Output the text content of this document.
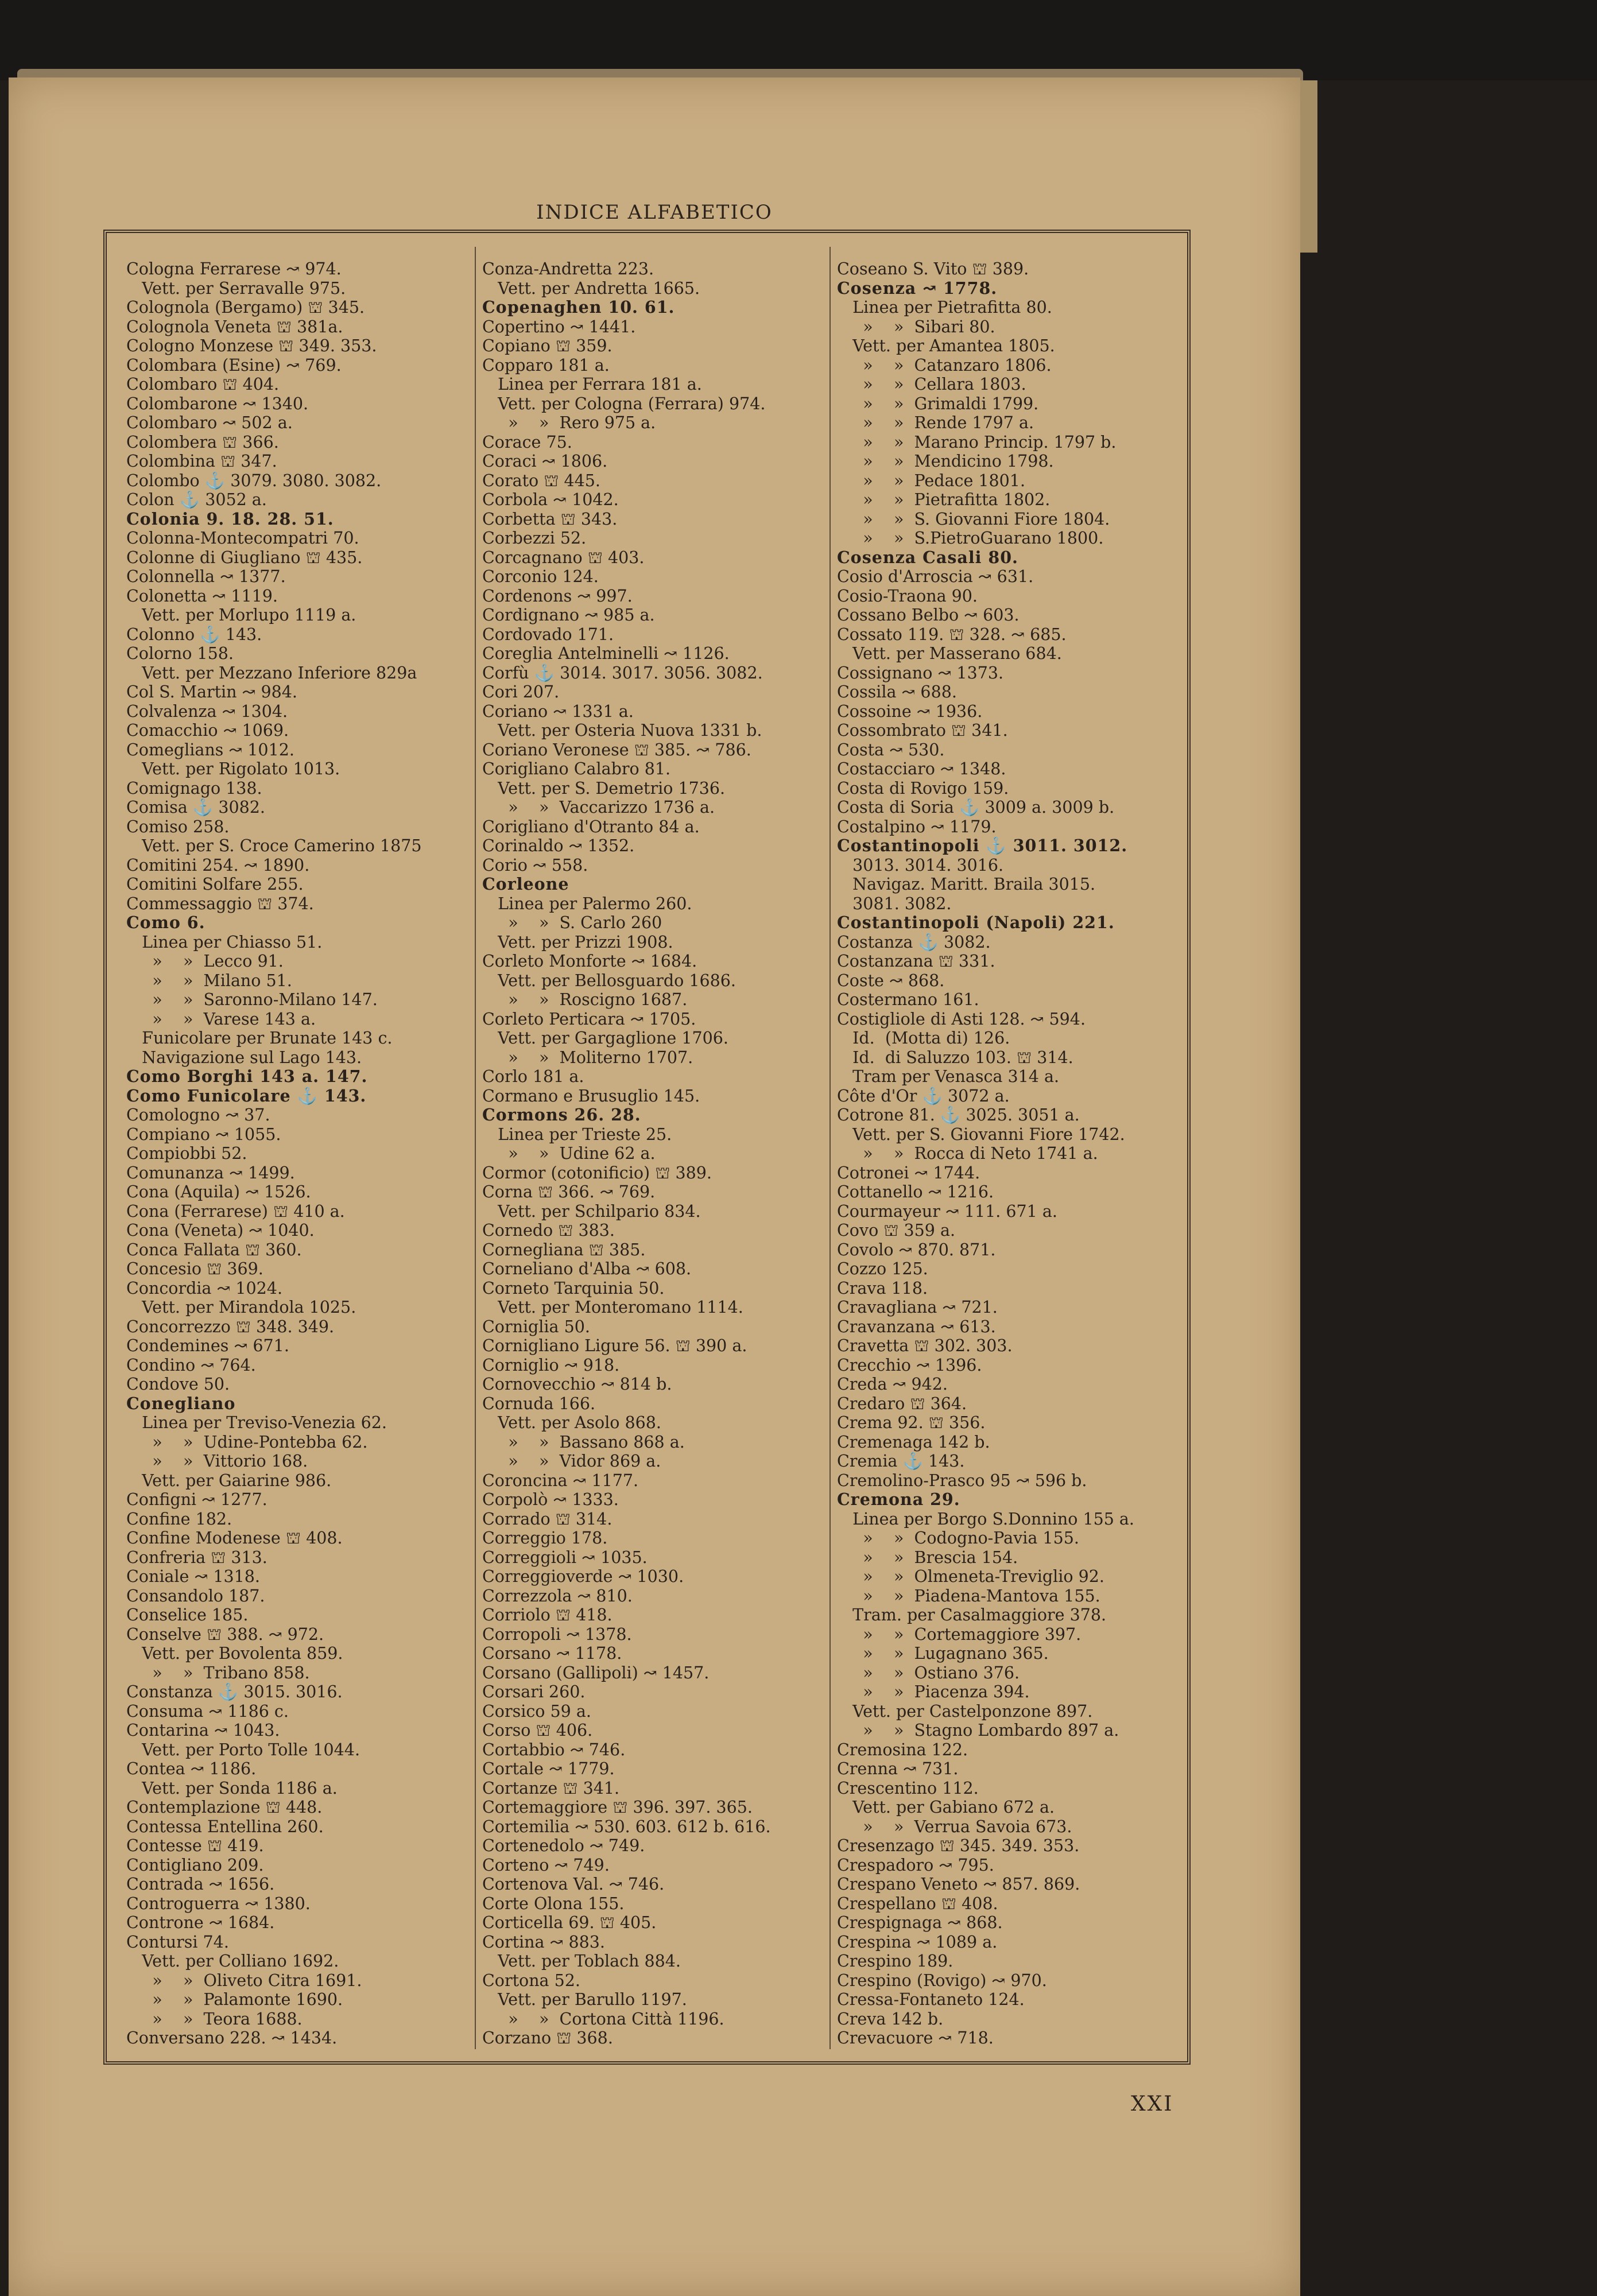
INDICE ALFABETICO
Cologna Ferrarese ↝ 974.
Vett. per Serravalle 975.
Colognola (Bergamo) ⛫ 345.
Colognola Veneta ⛫ 381a.
Cologno Monzese ⛫ 349. 353.
Colombara (Esine) ↝ 769.
Colombaro ⛫ 404.
Colombarone ↝ 1340.
Colombaro ↝ 502 a.
Colombera ⛫ 366.
Colombina ⛫ 347.
Colombo ⚓ 3079. 3080. 3082.
Colon ⚓ 3052 a.
Colonia 9. 18. 28. 51.
Colonna-Montecompatri 70.
Colonne di Giugliano ⛫ 435.
Colonnella ↝ 1377.
Colonetta ↝ 1119.
Vett. per Morlupo 1119 a.
Colonno ⚓ 143.
Colorno 158.
Vett. per Mezzano Inferiore 829a
Col S. Martin ↝ 984.
Colvalenza ↝ 1304.
Comacchio ↝ 1069.
Comeglians ↝ 1012.
Vett. per Rigolato 1013.
Comignago 138.
Comisa ⚓ 3082.
Comiso 258.
Vett. per S. Croce Camerino 1875
Comitini 254. ↝ 1890.
Comitini Solfare 255.
Commessaggio ⛫ 374.
Como 6.
Linea per Chiasso 51.
»    »  Lecco 91.
»    »  Milano 51.
»    »  Saronno-Milano 147.
»    »  Varese 143 a.
Funicolare per Brunate 143 c.
Navigazione sul Lago 143.
Como Borghi 143 a. 147.
Como Funicolare ⚓ 143.
Comologno ↝ 37.
Compiano ↝ 1055.
Compiobbi 52.
Comunanza ↝ 1499.
Cona (Aquila) ↝ 1526.
Cona (Ferrarese) ⛫ 410 a.
Cona (Veneta) ↝ 1040.
Conca Fallata ⛫ 360.
Concesio ⛫ 369.
Concordia ↝ 1024.
Vett. per Mirandola 1025.
Concorrezzo ⛫ 348. 349.
Condemines ↝ 671.
Condino ↝ 764.
Condove 50.
Conegliano
Linea per Treviso-Venezia 62.
»    »  Udine-Pontebba 62.
»    »  Vittorio 168.
Vett. per Gaiarine 986.
Configni ↝ 1277.
Confine 182.
Confine Modenese ⛫ 408.
Confreria ⛫ 313.
Coniale ↝ 1318.
Consandolo 187.
Conselice 185.
Conselve ⛫ 388. ↝ 972.
Vett. per Bovolenta 859.
»    »  Tribano 858.
Constanza ⚓ 3015. 3016.
Consuma ↝ 1186 c.
Contarina ↝ 1043.
Vett. per Porto Tolle 1044.
Contea ↝ 1186.
Vett. per Sonda 1186 a.
Contemplazione ⛫ 448.
Contessa Entellina 260.
Contesse ⛫ 419.
Contigliano 209.
Contrada ↝ 1656.
Controguerra ↝ 1380.
Controne ↝ 1684.
Contursi 74.
Vett. per Colliano 1692.
»    »  Oliveto Citra 1691.
»    »  Palamonte 1690.
»    »  Teora 1688.
Conversano 228. ↝ 1434.
Conza-Andretta 223.
Vett. per Andretta 1665.
Copenaghen 10. 61.
Copertino ↝ 1441.
Copiano ⛫ 359.
Copparo 181 a.
Linea per Ferrara 181 a.
Vett. per Cologna (Ferrara) 974.
»    »  Rero 975 a.
Corace 75.
Coraci ↝ 1806.
Corato ⛫ 445.
Corbola ↝ 1042.
Corbetta ⛫ 343.
Corbezzi 52.
Corcagnano ⛫ 403.
Corconio 124.
Cordenons ↝ 997.
Cordignano ↝ 985 a.
Cordovado 171.
Coreglia Antelminelli ↝ 1126.
Corfù ⚓ 3014. 3017. 3056. 3082.
Cori 207.
Coriano ↝ 1331 a.
Vett. per Osteria Nuova 1331 b.
Coriano Veronese ⛫ 385. ↝ 786.
Corigliano Calabro 81.
Vett. per S. Demetrio 1736.
»    »  Vaccarizzo 1736 a.
Corigliano d'Otranto 84 a.
Corinaldo ↝ 1352.
Corio ↝ 558.
Corleone
Linea per Palermo 260.
»    »  S. Carlo 260
Vett. per Prizzi 1908.
Corleto Monforte ↝ 1684.
Vett. per Bellosguardo 1686.
»    »  Roscigno 1687.
Corleto Perticara ↝ 1705.
Vett. per Gargaglione 1706.
»    »  Moliterno 1707.
Corlo 181 a.
Cormano e Brusuglio 145.
Cormons 26. 28.
Linea per Trieste 25.
»    »  Udine 62 a.
Cormor (cotonificio) ⛫ 389.
Corna ⛫ 366. ↝ 769.
Vett. per Schilpario 834.
Cornedo ⛫ 383.
Cornegliana ⛫ 385.
Corneliano d'Alba ↝ 608.
Corneto Tarquinia 50.
Vett. per Monteromano 1114.
Corniglia 50.
Cornigliano Ligure 56. ⛫ 390 a.
Corniglio ↝ 918.
Cornovecchio ↝ 814 b.
Cornuda 166.
Vett. per Asolo 868.
»    »  Bassano 868 a.
»    »  Vidor 869 a.
Coroncina ↝ 1177.
Corpolò ↝ 1333.
Corrado ⛫ 314.
Correggio 178.
Correggioli ↝ 1035.
Correggioverde ↝ 1030.
Correzzola ↝ 810.
Corriolo ⛫ 418.
Corropoli ↝ 1378.
Corsano ↝ 1178.
Corsano (Gallipoli) ↝ 1457.
Corsari 260.
Corsico 59 a.
Corso ⛫ 406.
Cortabbio ↝ 746.
Cortale ↝ 1779.
Cortanze ⛫ 341.
Cortemaggiore ⛫ 396. 397. 365.
Cortemilia ↝ 530. 603. 612 b. 616.
Cortenedolo ↝ 749.
Corteno ↝ 749.
Cortenova Val. ↝ 746.
Corte Olona 155.
Corticella 69. ⛫ 405.
Cortina ↝ 883.
Vett. per Toblach 884.
Cortona 52.
Vett. per Barullo 1197.
»    »  Cortona Città 1196.
Corzano ⛫ 368.
Coseano S. Vito ⛫ 389.
Cosenza ↝ 1778.
Linea per Pietrafitta 80.
»    »  Sibari 80.
Vett. per Amantea 1805.
»    »  Catanzaro 1806.
»    »  Cellara 1803.
»    »  Grimaldi 1799.
»    »  Rende 1797 a.
»    »  Marano Princip. 1797 b.
»    »  Mendicino 1798.
»    »  Pedace 1801.
»    »  Pietrafitta 1802.
»    »  S. Giovanni Fiore 1804.
»    »  S.PietroGuarano 1800.
Cosenza Casali 80.
Cosio d'Arroscia ↝ 631.
Cosio-Traona 90.
Cossano Belbo ↝ 603.
Cossato 119. ⛫ 328. ↝ 685.
Vett. per Masserano 684.
Cossignano ↝ 1373.
Cossila ↝ 688.
Cossoine ↝ 1936.
Cossombrato ⛫ 341.
Costa ↝ 530.
Costacciaro ↝ 1348.
Costa di Rovigo 159.
Costa di Soria ⚓ 3009 a. 3009 b.
Costalpino ↝ 1179.
Costantinopoli ⚓ 3011. 3012.
3013. 3014. 3016.
Navigaz. Maritt. Braila 3015.
3081. 3082.
Costantinopoli (Napoli) 221.
Costanza ⚓ 3082.
Costanzana ⛫ 331.
Coste ↝ 868.
Costermano 161.
Costigliole di Asti 128. ↝ 594.
Id.  (Motta di) 126.
Id.  di Saluzzo 103. ⛫ 314.
Tram per Venasca 314 a.
Côte d'Or ⚓ 3072 a.
Cotrone 81. ⚓ 3025. 3051 a.
Vett. per S. Giovanni Fiore 1742.
»    »  Rocca di Neto 1741 a.
Cotronei ↝ 1744.
Cottanello ↝ 1216.
Courmayeur ↝ 111. 671 a.
Covo ⛫ 359 a.
Covolo ↝ 870. 871.
Cozzo 125.
Crava 118.
Cravagliana ↝ 721.
Cravanzana ↝ 613.
Cravetta ⛫ 302. 303.
Crecchio ↝ 1396.
Creda ↝ 942.
Credaro ⛫ 364.
Crema 92. ⛫ 356.
Cremenaga 142 b.
Cremia ⚓ 143.
Cremolino-Prasco 95 ↝ 596 b.
Cremona 29.
Linea per Borgo S.Donnino 155 a.
»    »  Codogno-Pavia 155.
»    »  Brescia 154.
»    »  Olmeneta-Treviglio 92.
»    »  Piadena-Mantova 155.
Tram. per Casalmaggiore 378.
»    »  Cortemaggiore 397.
»    »  Lugagnano 365.
»    »  Ostiano 376.
»    »  Piacenza 394.
Vett. per Castelponzone 897.
»    »  Stagno Lombardo 897 a.
Cremosina 122.
Crenna ↝ 731.
Crescentino 112.
Vett. per Gabiano 672 a.
»    »  Verrua Savoia 673.
Cresenzago ⛫ 345. 349. 353.
Crespadoro ↝ 795.
Crespano Veneto ↝ 857. 869.
Crespellano ⛫ 408.
Crespignaga ↝ 868.
Crespina ↝ 1089 a.
Crespino 189.
Crespino (Rovigo) ↝ 970.
Cressa-Fontaneto 124.
Creva 142 b.
Crevacuore ↝ 718.
XXI
